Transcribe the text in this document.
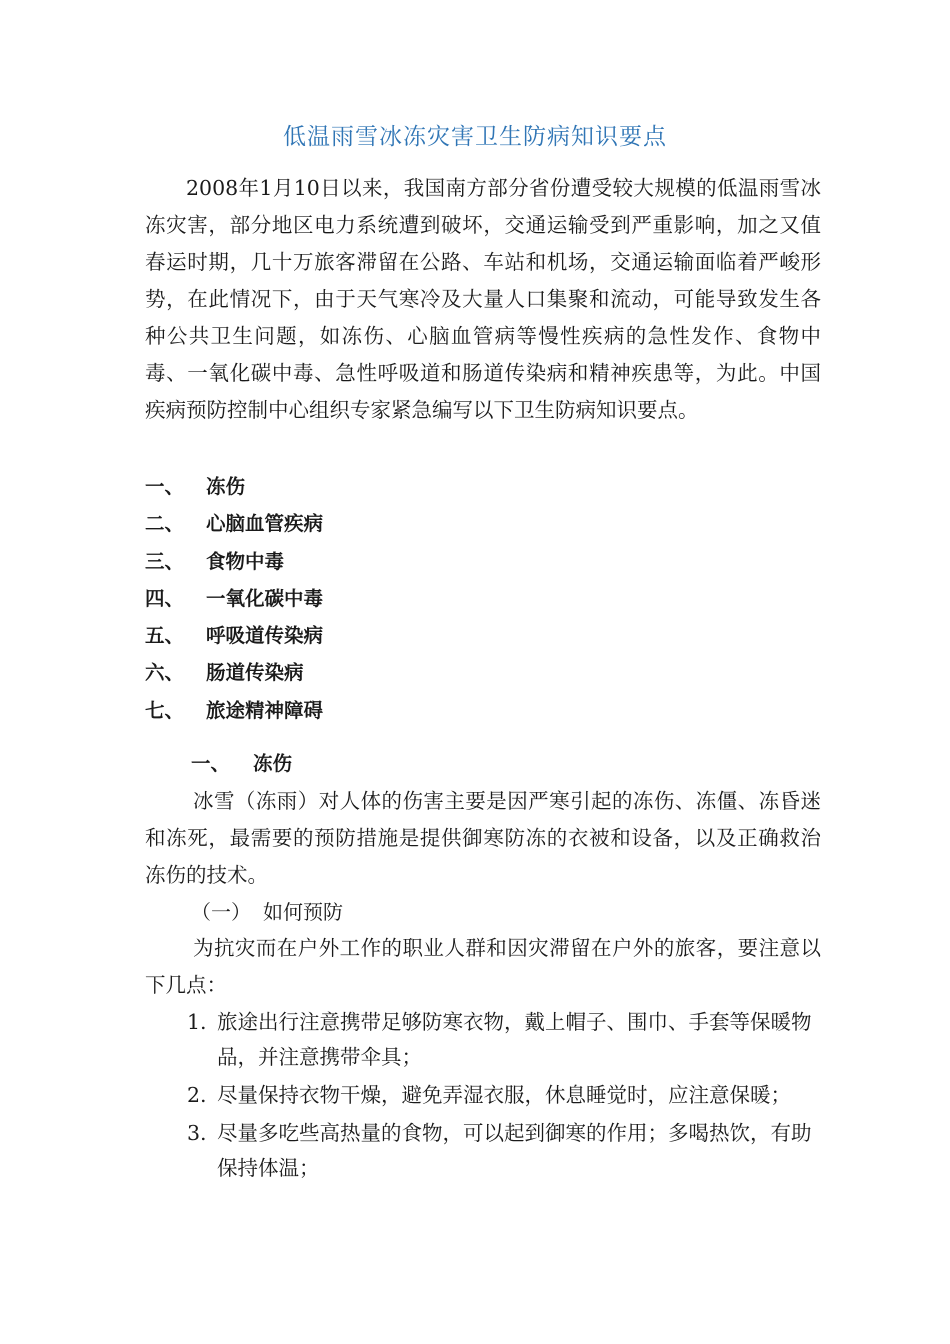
低温雨雪冰冻灾害卫生防病知识要点

2008年1月10日以来，我国南方部分省份遭受较大规模的低温雨雪冰冻灾害，部分地区电力系统遭到破坏，交通运输受到严重影响，加之又值春运时期，几十万旅客滞留在公路、车站和机场，交通运输面临着严峻形势，在此情况下，由于天气寒冷及大量人口集聚和流动，可能导致发生各种公共卫生问题，如冻伤、心脑血管病等慢性疾病的急性发作、食物中毒、一氧化碳中毒、急性呼吸道和肠道传染病和精神疾患等，为此。中国疾病预防控制中心组织专家紧急编写以下卫生防病知识要点。

一、 冻伤
二、 心脑血管疾病
三、 食物中毒
四、 一氧化碳中毒
五、 呼吸道传染病
六、 肠道传染病
七、 旅途精神障碍
一、 冻伤

冰雪（冻雨）对人体的伤害主要是因严寒引起的冻伤、冻僵、冻昏迷和冻死，最需要的预防措施是提供御寒防冻的衣被和设备，以及正确救治冻伤的技术。

（一） 如何预防

为抗灾而在户外工作的职业人群和因灾滞留在户外的旅客，要注意以下几点：

1. 旅途出行注意携带足够防寒衣物，戴上帽子、围巾、手套等保暖物品，并注意携带伞具；
2. 尽量保持衣物干燥，避免弄湿衣服，休息睡觉时，应注意保暖；
3. 尽量多吃些高热量的食物，可以起到御寒的作用；多喝热饮，有助保持体温；
